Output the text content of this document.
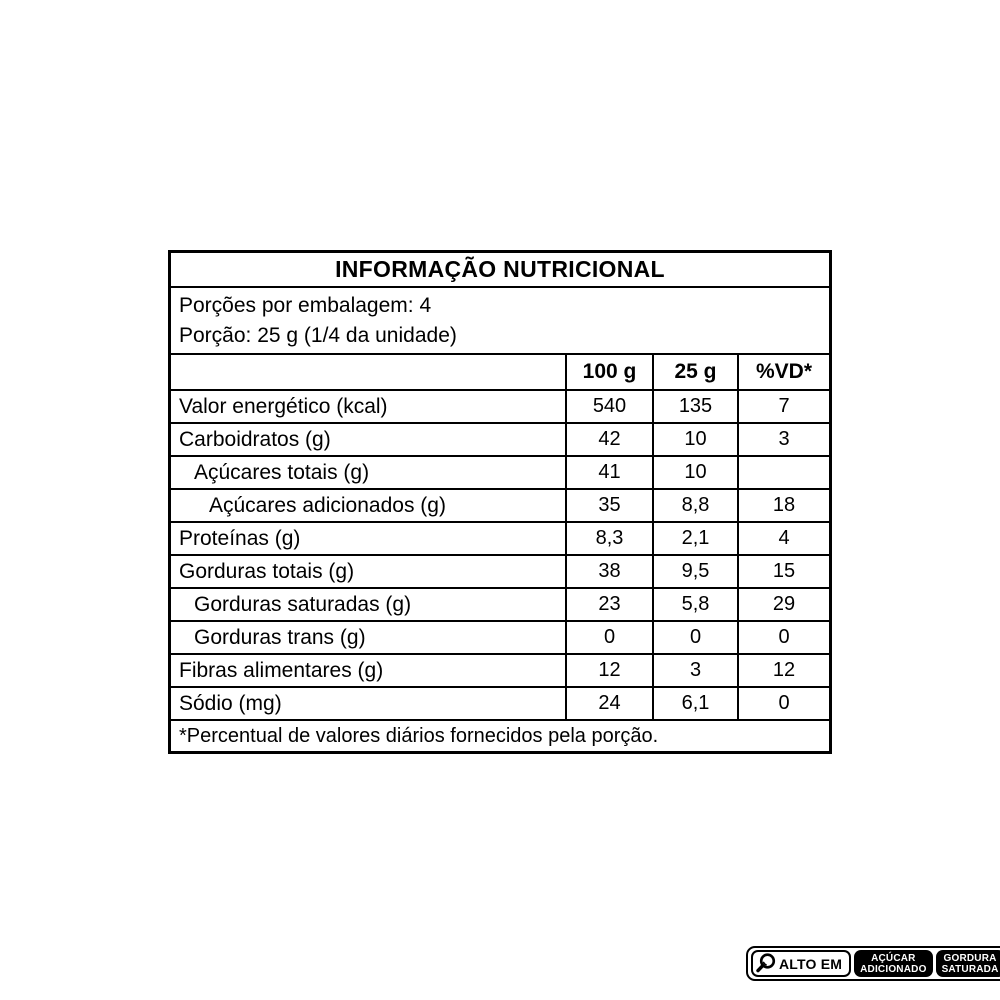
INFORMAÇÃO NUTRICIONAL
Porções por embalagem: 4
Porção: 25 g (1/4 da unidade)
100 g	25 g	%VD*
Valor energético (kcal)	540	135	7
Carboidratos (g)	42	10	3
Açúcares totais (g)	41	10
Açúcares adicionados (g)	35	8,8	18
Proteínas (g)	8,3	2,1	4
Gorduras totais (g)	38	9,5	15
Gorduras saturadas (g)	23	5,8	29
Gorduras trans (g)	0	0	0
Fibras alimentares (g)	12	3	12
Sódio (mg)	24	6,1	0
*Percentual de valores diários fornecidos pela porção.
ALTO EM	AÇÚCAR
ADICIONADO
GORDURA
SATURADA
